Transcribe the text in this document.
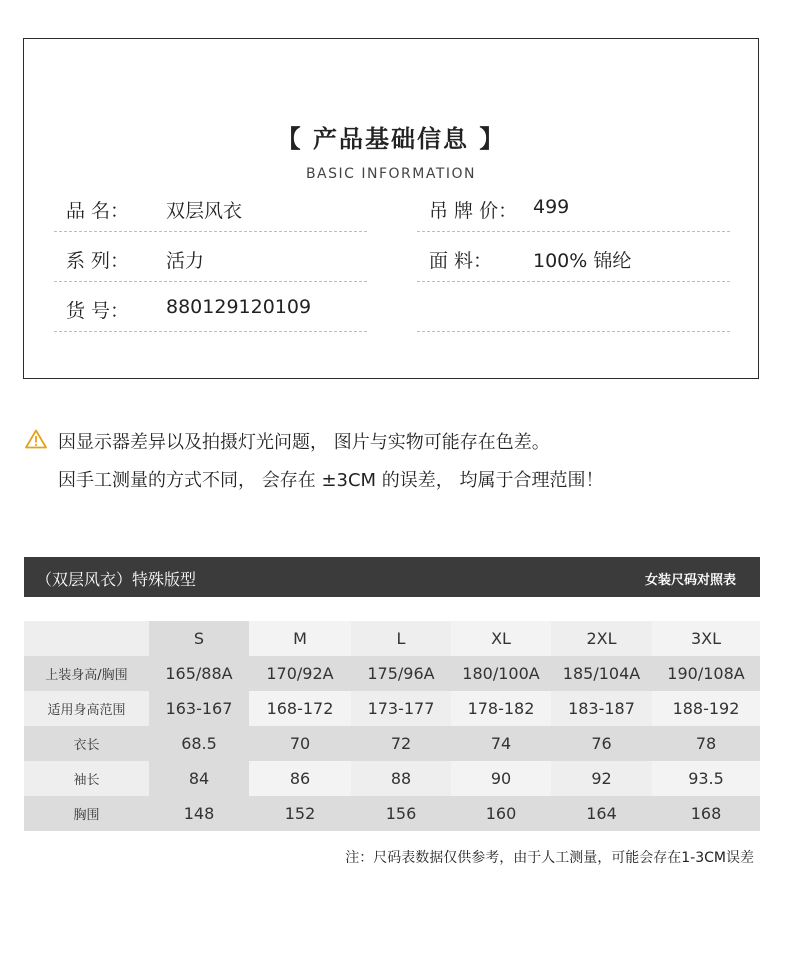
【 产品基础信息 】
BASIC INFORMATION
品 名： 双层风衣	吊 牌 价： 499
系 列： 活力	面 料： 100% 锦纶
货 号： 880129120109
因显示器差异以及拍摄灯光问题， 图片与实物可能存在色差。
因手工测量的方式不同， 会存在 ±3CM 的误差， 均属于合理范围！
（双层风衣）特殊版型	女装尺码对照表
	S	M	L	XL	2XL	3XL
上装身高/胸围	165/88A	170/92A	175/96A	180/100A	185/104A	190/108A
适用身高范围	163-167	168-172	173-177	178-182	183-187	188-192
衣长	68.5	70	72	74	76	78
袖长	84	86	88	90	92	93.5
胸围	148	152	156	160	164	168
注：尺码表数据仅供参考，由于人工测量，可能会存在1-3CM误差
